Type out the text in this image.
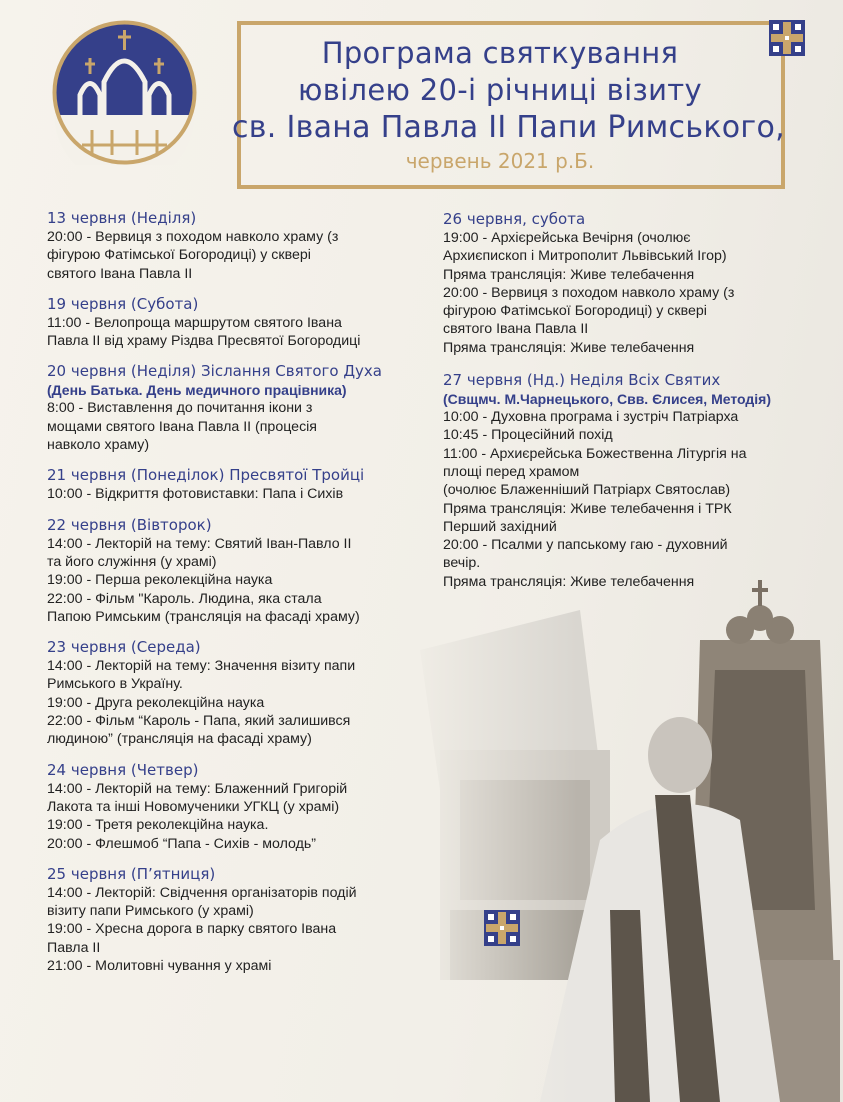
Програма святкування
ювілею 20-і річниці візиту
св. Івана Павла ІІ Папи Римського,
червень 2021 р.Б.
13 червня (Неділя)
20:00 - Вервиця з походом навколо храму (з
фігурою Фатімської Богородиці) у сквері
святого Івана Павла ІІ
19 червня (Субота)
11:00 - Велопроща маршрутом святого Івана
Павла ІІ від храму Різдва Пресвятої Богородиці
20 червня (Неділя) Зіслання Святого Духа
(День Батька. День медичного працівника)
8:00 - Виставлення до почитання ікони з
мощами святого Івана Павла ІІ (процесія
навколо храму)
21 червня (Понеділок) Пресвятої Тройці
10:00 - Відкриття фотовиставки: Папа і Сихів
22 червня (Вівторок)
14:00 - Лекторій на тему: Святий Іван-Павло ІІ
та його служіння (у храмі)
19:00 - Перша реколекційна наука
22:00 - Фільм "Кароль. Людина, яка стала
Папою Римським (трансляція на фасаді храму)
23 червня (Середа)
14:00 - Лекторій на тему: Значення візиту папи
Римського в Україну.
19:00 - Друга реколекційна наука
22:00 - Фільм “Кароль - Папа, який залишився
людиною” (трансляція на фасаді храму)
24 червня (Четвер)
14:00 - Лекторій на тему: Блаженний Григорій
Лакота та інші Новомученики УГКЦ (у храмі)
19:00 - Третя реколекційна наука.
20:00 - Флешмоб “Папа - Сихів - молодь”
25 червня (П’ятниця)
14:00 - Лекторій: Свідчення організаторів подій
візиту папи Римського (у храмі)
19:00 - Хресна дорога в парку святого Івана
Павла ІІ
21:00 - Молитовні чування у храмі
26 червня, субота
19:00 - Архієрейська Вечірня (очолює
Архиєпископ і Митрополит Львівський Ігор)
Пряма трансляція: Живе телебачення
20:00 - Вервиця з походом навколо храму (з
фігурою Фатімської Богородиці) у сквері
святого Івана Павла ІІ
Пряма трансляція: Живе телебачення
27 червня (Нд.) Неділя Всіх Святих
(Свщмч. М.Чарнецького, Свв. Єлисея, Методія)
10:00 - Духовна програма і зустріч Патріарха
10:45 - Процесійний похід
11:00 - Архиєрейська Божественна Літургія на
площі перед храмом
(очолює Блаженніший Патріарх Святослав)
Пряма трансляція: Живе телебачення і ТРК
Перший західний
20:00 - Псалми у папському гаю - духовний
вечір.
Пряма трансляція: Живе телебачення
